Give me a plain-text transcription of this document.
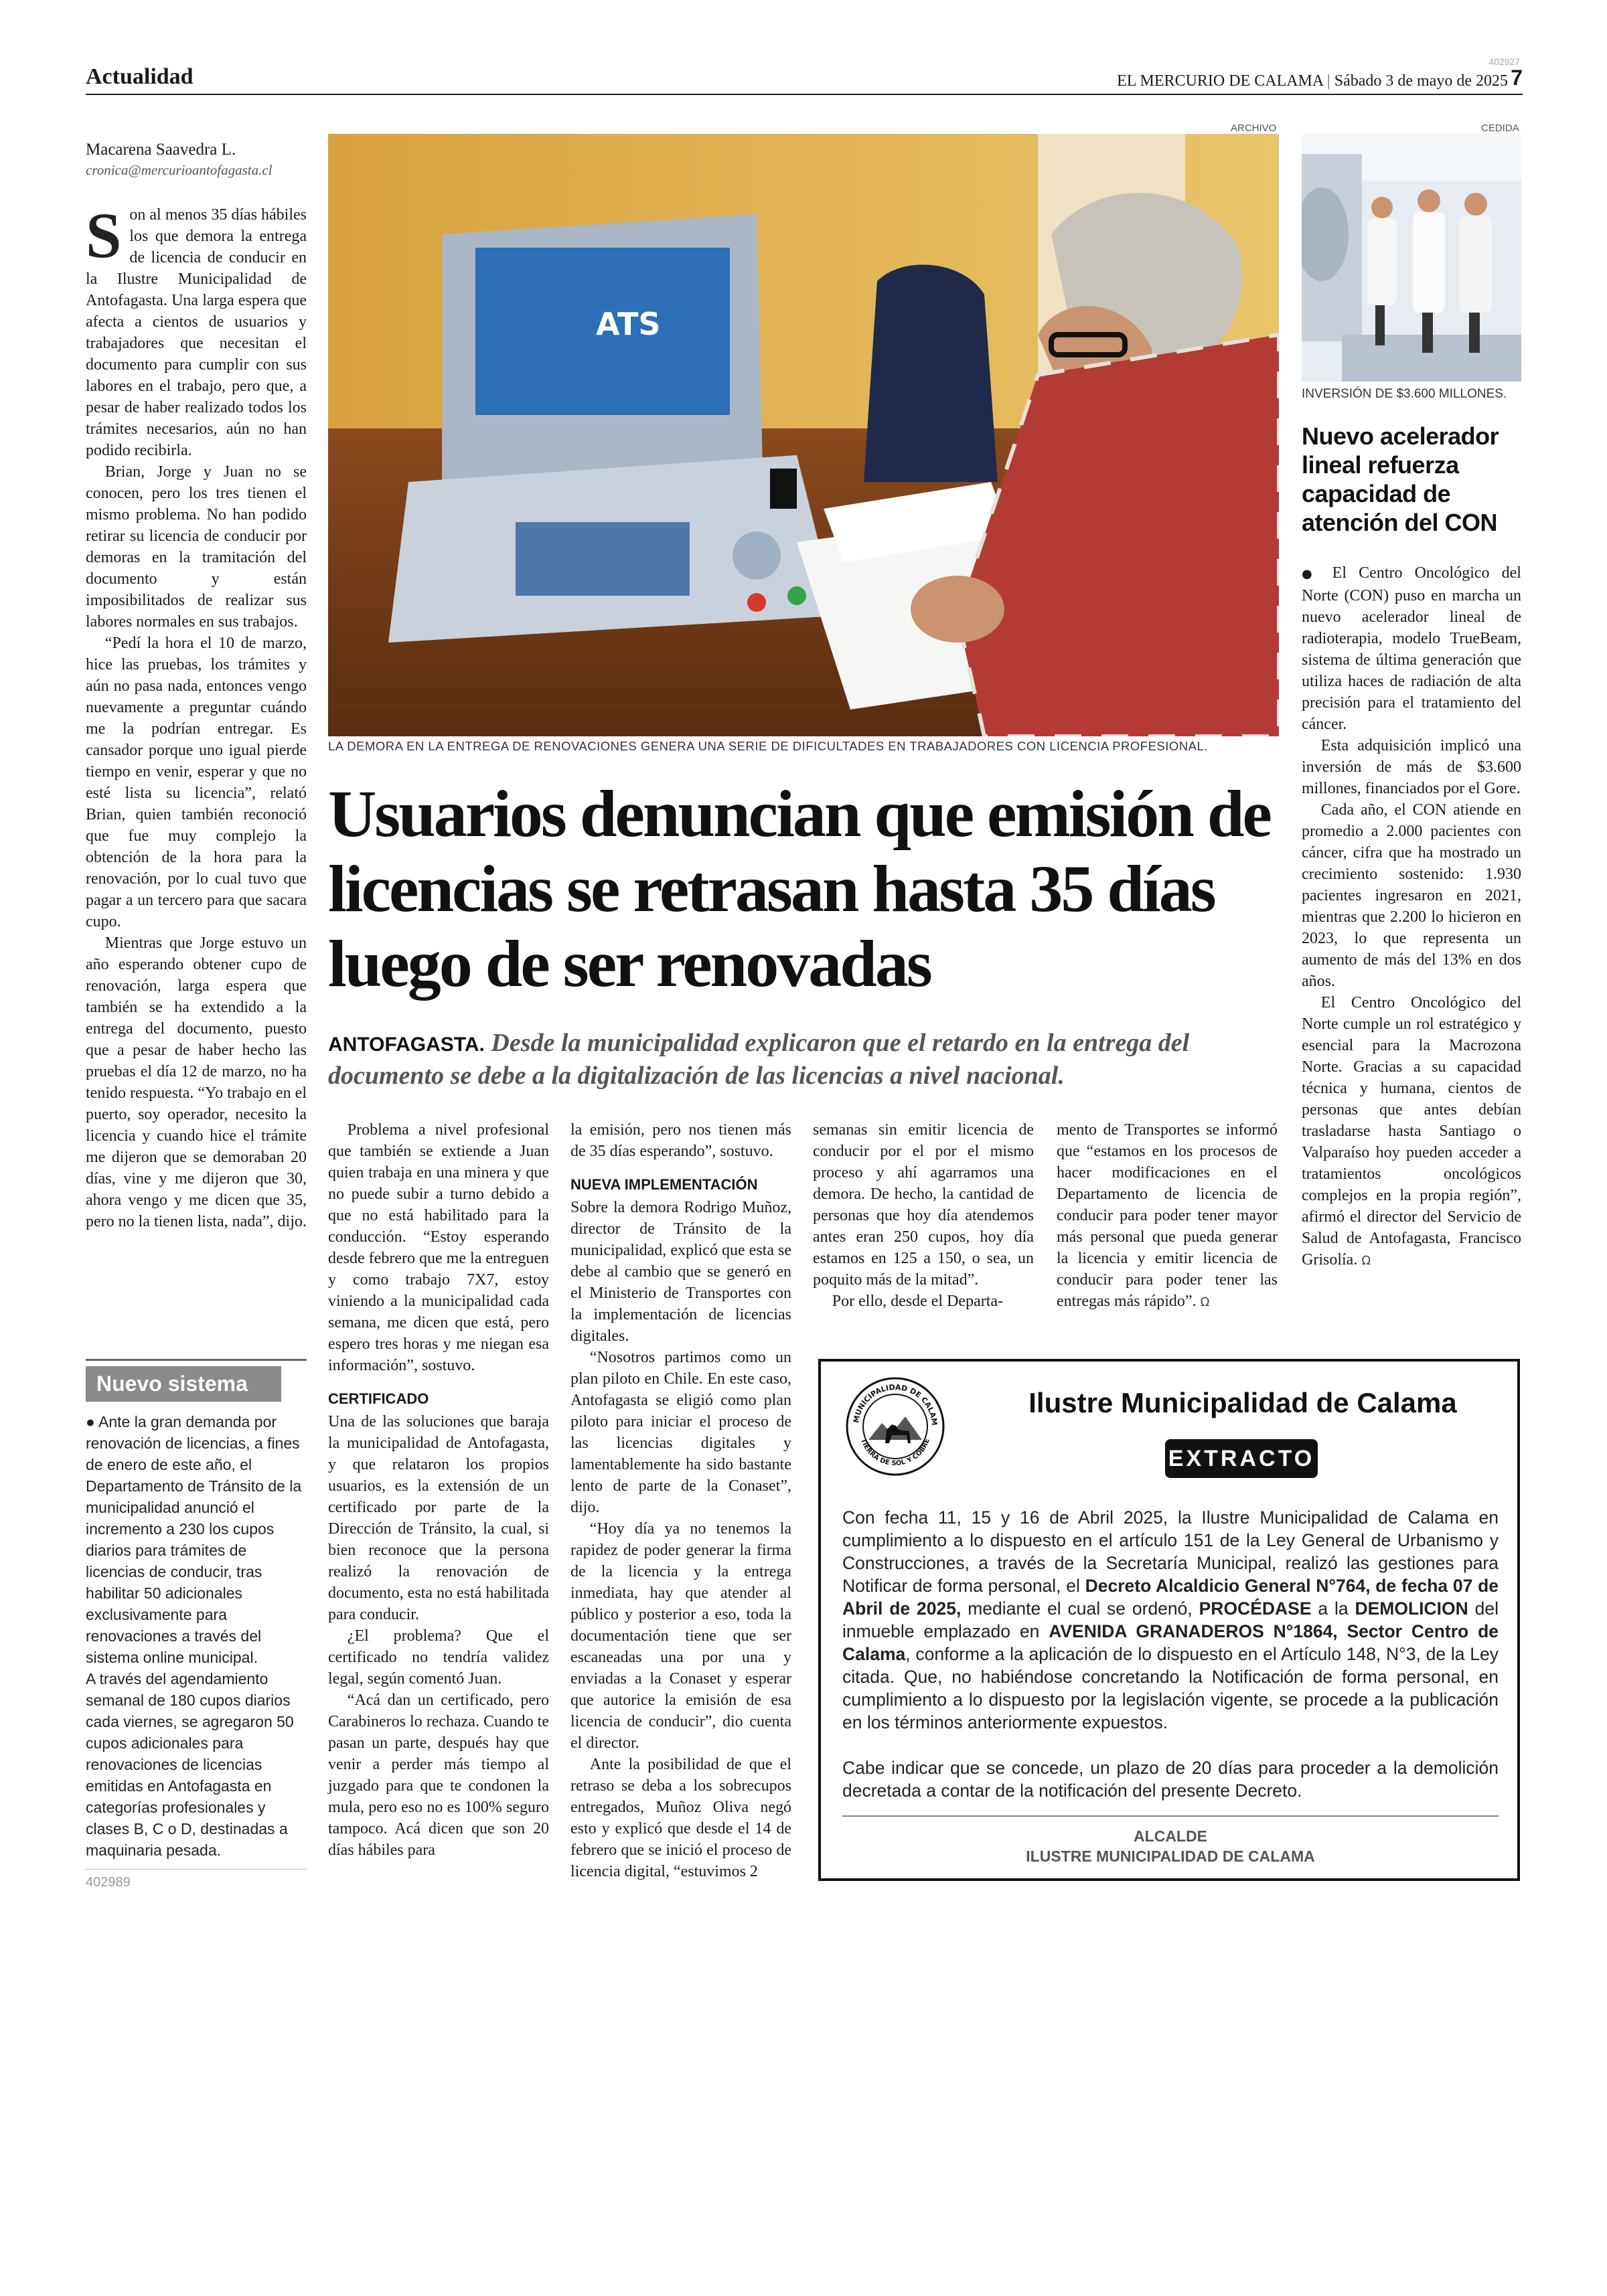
Actualidad	EL MERCURIO DE CALAMA | Sábado 3 de mayo de 2025 7
402927
Macarena Saavedra L.
cronica@mercurioantofagasta.cl

Son al menos 35 días hábiles los que demora la entrega de licencia de conducir en la Ilustre Municipalidad de Antofagasta. Una larga espera que afecta a cientos de usuarios y trabajadores que necesitan el documento para cumplir con sus labores en el trabajo, pero que, a pesar de haber realizado todos los trámites necesarios, aún no han podido recibirla.

Brian, Jorge y Juan no se conocen, pero los tres tienen el mismo problema. No han podido retirar su licencia de conducir por demoras en la tramitación del documento y están imposibilitados de realizar sus labores normales en sus trabajos.

“Pedí la hora el 10 de marzo, hice las pruebas, los trámites y aún no pasa nada, entonces vengo nuevamente a preguntar cuándo me la podrían entregar. Es cansador porque uno igual pierde tiempo en venir, esperar y que no esté lista su licencia”, relató Brian, quien también reconoció que fue muy complejo la obtención de la hora para la renovación, por lo cual tuvo que pagar a un tercero para que sacara cupo.

Mientras que Jorge estuvo un año esperando obtener cupo de renovación, larga espera que también se ha extendido a la entrega del documento, puesto que a pesar de haber hecho las pruebas el día 12 de marzo, no ha tenido respuesta. “Yo trabajo en el puerto, soy operador, necesito la licencia y cuando hice el trámite me dijeron que se demoraban 20 días, vine y me dijeron que 30, ahora vengo y me dicen que 35, pero no la tienen lista, nada”, dijo.

Nuevo sistema
● Ante la gran demanda por renovación de licencias, a fines de enero de este año, el Departamento de Tránsito de la municipalidad anunció el incremento a 230 los cupos diarios para trámites de licencias de conducir, tras habilitar 50 adicionales exclusivamente para renovaciones a través del sistema online municipal.
A través del agendamiento semanal de 180 cupos diarios cada viernes, se agregaron 50 cupos adicionales para renovaciones de licencias emitidas en Antofagasta en categorías profesionales y clases B, C o D, destinadas a maquinaria pesada.
402989
ARCHIVO
ATS
LA DEMORA EN LA ENTREGA DE RENOVACIONES GENERA UNA SERIE DE DIFICULTADES EN TRABAJADORES CON LICENCIA PROFESIONAL.
Usuarios denuncian que emisión de licencias se retrasan hasta 35 días luego de ser renovadas
ANTOFAGASTA. Desde la municipalidad explicaron que el retardo en la entrega del documento se debe a la digitalización de las licencias a nivel nacional.

Problema a nivel profesional que también se extiende a Juan quien trabaja en una minera y que no puede subir a turno debido a que no está habilitado para la conducción. “Estoy esperando desde febrero que me la entreguen y como trabajo 7X7, estoy viniendo a la municipalidad cada semana, me dicen que está, pero espero tres horas y me niegan esa información”, sostuvo.

CERTIFICADO

Una de las soluciones que baraja la municipalidad de Antofagasta, y que relataron los propios usuarios, es la extensión de un certificado por parte de la Dirección de Tránsito, la cual, si bien reconoce que la persona realizó la renovación de documento, esta no está habilitada para conducir.

¿El problema? Que el certificado no tendría validez legal, según comentó Juan.

“Acá dan un certificado, pero Carabineros lo rechaza. Cuando te pasan un parte, después hay que venir a perder más tiempo al juzgado para que te condonen la mula, pero eso no es 100% seguro tampoco. Acá dicen que son 20 días hábiles para

la emisión, pero nos tienen más de 35 días esperando”, sostuvo.

NUEVA IMPLEMENTACIÓN

Sobre la demora Rodrigo Muñoz, director de Tránsito de la municipalidad, explicó que esta se debe al cambio que se generó en el Ministerio de Transportes con la implementación de licencias digitales.

“Nosotros partimos como un plan piloto en Chile. En este caso, Antofagasta se eligió como plan piloto para iniciar el proceso de las licencias digitales y lamentablemente ha sido bastante lento de parte de la Conaset”, dijo.

“Hoy día ya no tenemos la rapidez de poder generar la firma de la licencia y la entrega inmediata, hay que atender al público y posterior a eso, toda la documentación tiene que ser escaneadas una por una y enviadas a la Conaset y esperar que autorice la emisión de esa licencia de conducir”, dio cuenta el director.

Ante la posibilidad de que el retraso se deba a los sobrecupos entregados, Muñoz Oliva negó esto y explicó que desde el 14 de febrero que se inició el proceso de licencia digital, “estuvimos 2

semanas sin emitir licencia de conducir por el por el mismo proceso y ahí agarramos una demora. De hecho, la cantidad de personas que hoy día atendemos antes eran 250 cupos, hoy día estamos en 125 a 150, o sea, un poquito más de la mitad”.

Por ello, desde el Departa-

mento de Transportes se informó que “estamos en los procesos de hacer modificaciones en el Departamento de licencia de conducir para poder tener mayor más personal que pueda generar la licencia y emitir licencia de conducir para poder tener las entregas más rápido”. Ω

CEDIDA
INVERSIÓN DE $3.600 MILLONES.
Nuevo acelerador lineal refuerza capacidad de atención del CON

● El Centro Oncológico del Norte (CON) puso en marcha un nuevo acelerador lineal de radioterapia, modelo TrueBeam, sistema de última generación que utiliza haces de radiación de alta precisión para el tratamiento del cáncer.

Esta adquisición implicó una inversión de más de $3.600 millones, financiados por el Gore.

Cada año, el CON atiende en promedio a 2.000 pacientes con cáncer, cifra que ha mostrado un crecimiento sostenido: 1.930 pacientes ingresaron en 2021, mientras que 2.200 lo hicieron en 2023, lo que representa un aumento de más del 13% en dos años.

El Centro Oncológico del Norte cumple un rol estratégico y esencial para la Macrozona Norte. Gracias a su capacidad técnica y humana, cientos de personas que antes debían trasladarse hasta Santiago o Valparaíso hoy pueden acceder a tratamientos oncológicos complejos en la propia región”, afirmó el director del Servicio de Salud de Antofagasta, Francisco Grisolía. Ω

MUNICIPALIDAD DE CALAM
TIERRA DE SOL Y COBRE
Ilustre Municipalidad de Calama
EXTRACTO
Con fecha 11, 15 y 16 de Abril 2025, la Ilustre Municipalidad de Calama en cumplimiento a lo dispuesto en el artículo 151 de la Ley General de Urbanismo y Construcciones, a través de la Secretaría Municipal, realizó las gestiones para Notificar de forma personal, el Decreto Alcaldicio General N°764, de fecha 07 de Abril de 2025, mediante el cual se ordenó, PROCÉDASE a la DEMOLICION del inmueble emplazado en AVENIDA GRANADEROS N°1864, Sector Centro de Calama, conforme a la aplicación de lo dispuesto en el Artículo 148, N°3, de la Ley citada. Que, no habiéndose concretando la Notificación de forma personal, en cumplimiento a lo dispuesto por la legislación vigente, se procede a la publicación en los términos anteriormente expuestos.
Cabe indicar que se concede, un plazo de 20 días para proceder a la demolición decretada a contar de la notificación del presente Decreto.
ALCALDE
ILUSTRE MUNICIPALIDAD DE CALAMA
